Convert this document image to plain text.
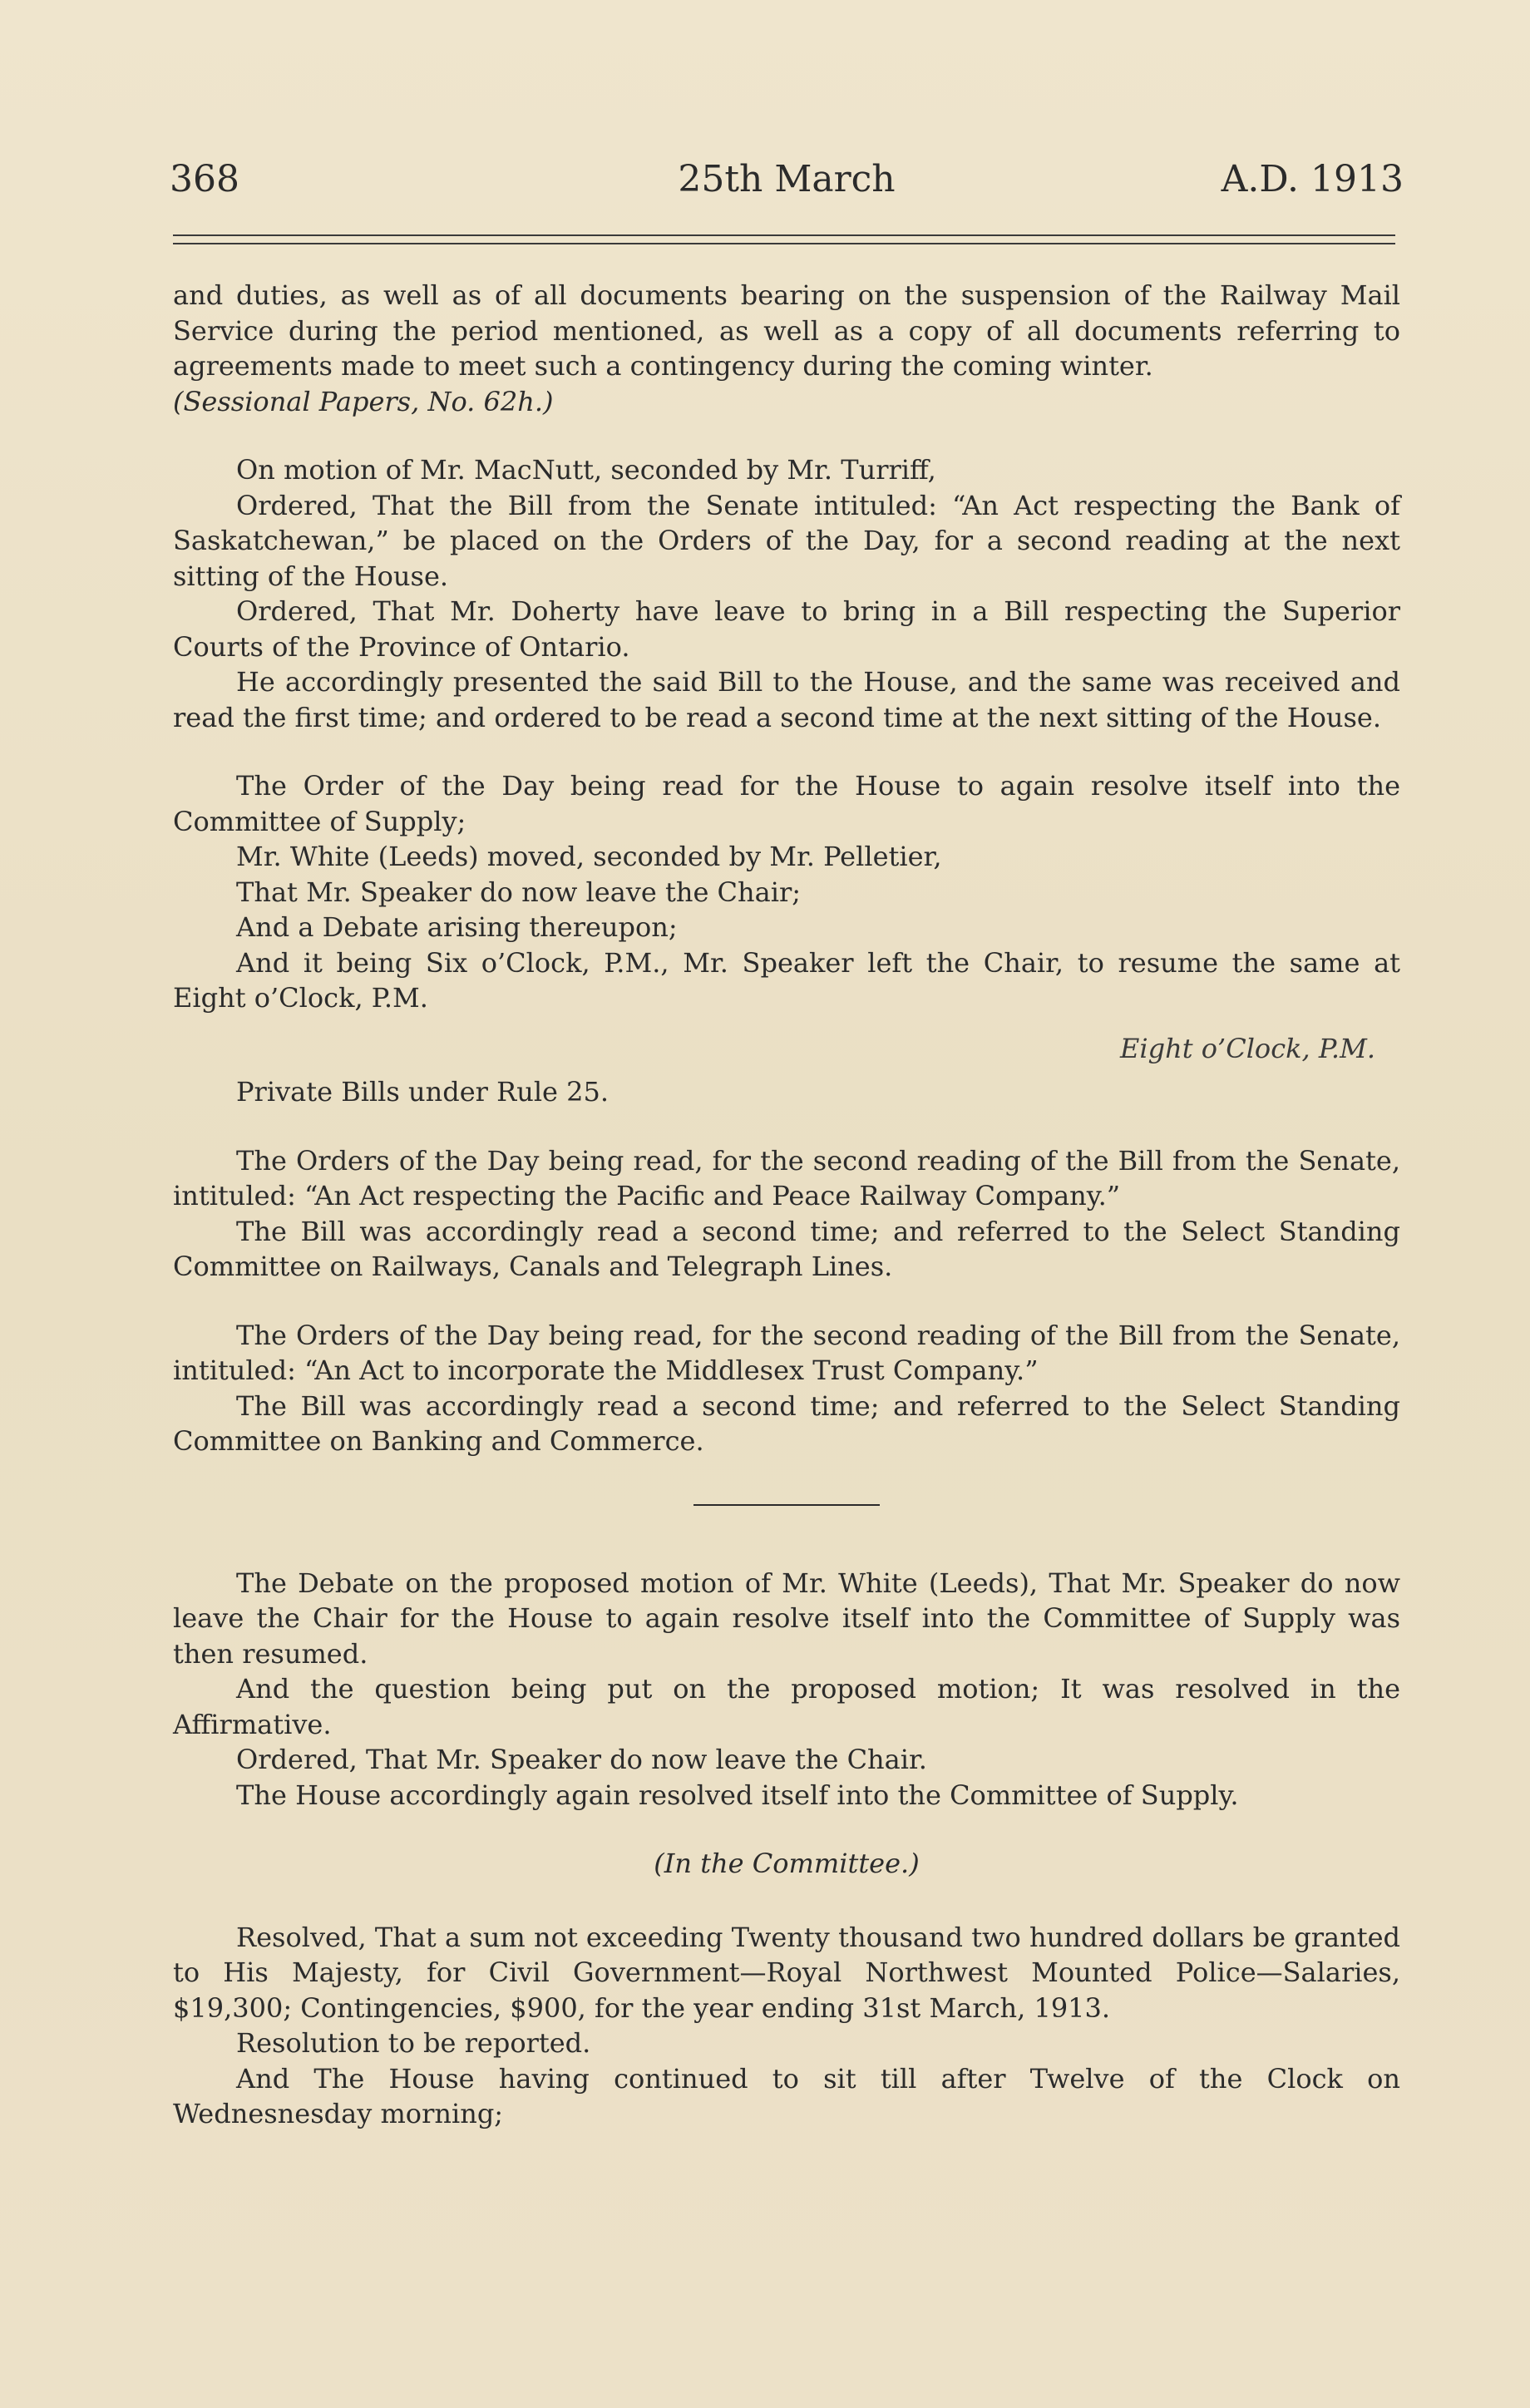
25th March
368	A.D. 1913

and duties, as well as of all documents bearing on the suspension of the Railway Mail Service during the period mentioned, as well as a copy of all documents referring to agreements made to meet such a contingency during the coming winter.

(Sessional Papers, No. 62h.)

On motion of Mr. MacNutt, seconded by Mr. Turriff,

Ordered, That the Bill from the Senate intituled: “An Act respecting the Bank of Saskatchewan,” be placed on the Orders of the Day, for a second reading at the next sitting of the House.

Ordered, That Mr. Doherty have leave to bring in a Bill respecting the Superior Courts of the Province of Ontario.

He accordingly presented the said Bill to the House, and the same was received and read the first time; and ordered to be read a second time at the next sitting of the House.

The Order of the Day being read for the House to again resolve itself into the Committee of Supply;

Mr. White (Leeds) moved, seconded by Mr. Pelletier,

That Mr. Speaker do now leave the Chair;

And a Debate arising thereupon;

And it being Six o’Clock, P.M., Mr. Speaker left the Chair, to resume the same at Eight o’Clock, P.M.

Eight o’Clock, P.M.

Private Bills under Rule 25.

The Orders of the Day being read, for the second reading of the Bill from the Senate, intituled: “An Act respecting the Pacific and Peace Railway Company.”

The Bill was accordingly read a second time; and referred to the Select Standing Committee on Railways, Canals and Telegraph Lines.

The Orders of the Day being read, for the second reading of the Bill from the Senate, intituled: “An Act to incorporate the Middlesex Trust Company.”

The Bill was accordingly read a second time; and referred to the Select Standing Committee on Banking and Commerce.

The Debate on the proposed motion of Mr. White (Leeds), That Mr. Speaker do now leave the Chair for the House to again resolve itself into the Committee of Supply was then resumed.

And the question being put on the proposed motion; It was resolved in the Affirmative.

Ordered, That Mr. Speaker do now leave the Chair.

The House accordingly again resolved itself into the Committee of Supply.

(In the Committee.)

Resolved, That a sum not exceeding Twenty thousand two hundred dollars be granted to His Majesty, for Civil Government—Royal Northwest Mounted Police—Salaries, $19,300; Contingencies, $900, for the year ending 31st March, 1913.

Resolution to be reported.

And The House having continued to sit till after Twelve of the Clock on Wednesnesday morning;
